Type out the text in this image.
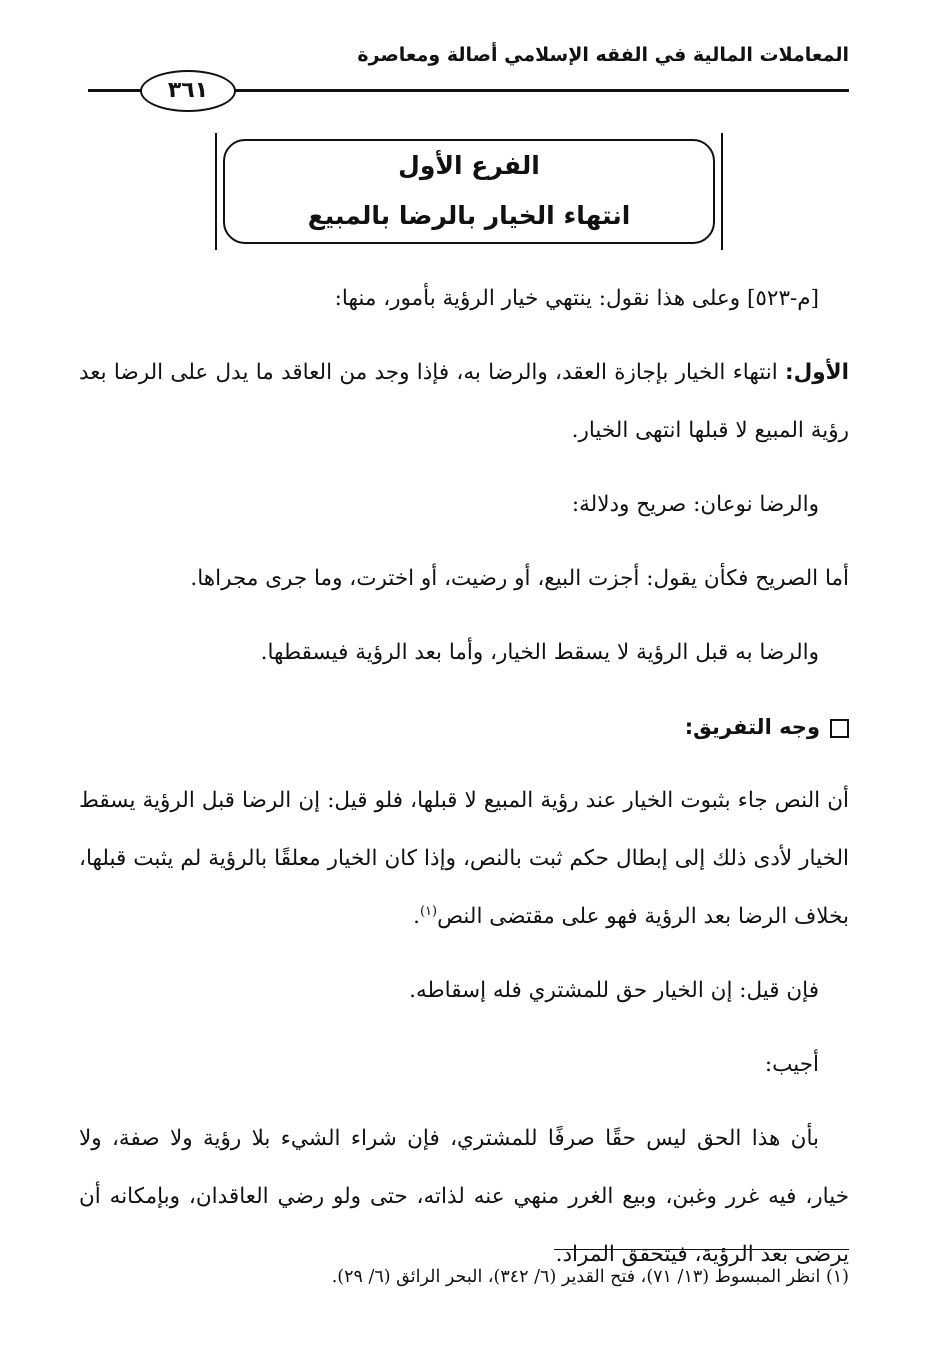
المعاملات المالية في الفقه الإسلامي أصالة ومعاصرة
٣٦١
الفرع الأول
انتهاء الخيار بالرضا بالمبيع

[م-٥٢٣] وعلى هذا نقول: ينتهي خيار الرؤية بأمور، منها:

الأول: انتهاء الخيار بإجازة العقد، والرضا به، فإذا وجد من العاقد ما يدل على الرضا بعد رؤية المبيع لا قبلها انتهى الخيار.

والرضا نوعان: صريح ودلالة:

أما الصريح فكأن يقول: أجزت البيع، أو رضيت، أو اخترت، وما جرى مجراها.

والرضا به قبل الرؤية لا يسقط الخيار، وأما بعد الرؤية فيسقطها.

وجه التفريق:

أن النص جاء بثبوت الخيار عند رؤية المبيع لا قبلها، فلو قيل: إن الرضا قبل الرؤية يسقط الخيار لأدى ذلك إلى إبطال حكم ثبت بالنص، وإذا كان الخيار معلقًا بالرؤية لم يثبت قبلها، بخلاف الرضا بعد الرؤية فهو على مقتضى النص$^{(١)}$.

فإن قيل: إن الخيار حق للمشتري فله إسقاطه.

أجيب:

بأن هذا الحق ليس حقًا صرفًا للمشتري، فإن شراء الشيء بلا رؤية ولا صفة، ولا خيار، فيه غرر وغبن، وبيع الغرر منهي عنه لذاته، حتى ولو رضي العاقدان، وبإمكانه أن يرضى بعد الرؤية، فيتحقق المراد.

(١) انظر المبسوط (١٣/ ٧١)، فتح القدير (٦/ ٣٤٢)، البحر الرائق (٦/ ٢٩).
